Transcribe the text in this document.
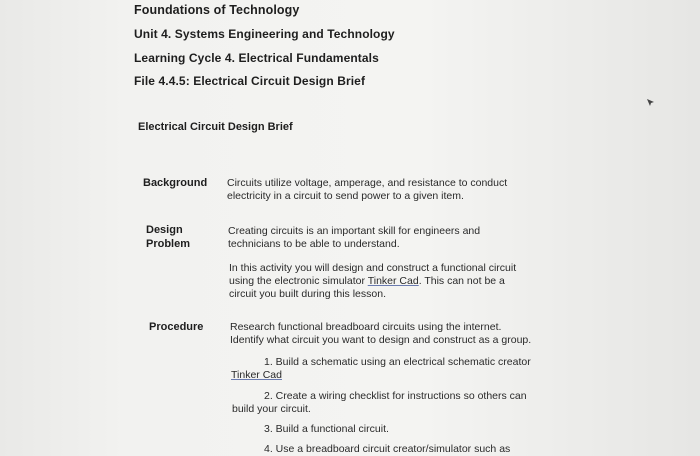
Foundations of Technology
Unit 4. Systems Engineering and Technology
Learning Cycle 4. Electrical Fundamentals
File 4.4.5: Electrical Circuit Design Brief
Electrical Circuit Design Brief
Background Circuits utilize voltage, amperage, and resistance to conduct
electricity in a circuit to send power to a given item.
Design
Problem
Creating circuits is an important skill for engineers and
technicians to be able to understand.
In this activity you will design and construct a functional circuit
using the electronic simulator Tinker Cad. This can not be a
circuit you built during this lesson.
Procedure	Research functional breadboard circuits using the internet.
Identify what circuit you want to design and construct as a group.
1. Build a schematic using an electrical schematic creator
Tinker Cad
2. Create a wiring checklist for instructions so others can
build your circuit.
3. Build a functional circuit.
4. Use a breadboard circuit creator/simulator such as
